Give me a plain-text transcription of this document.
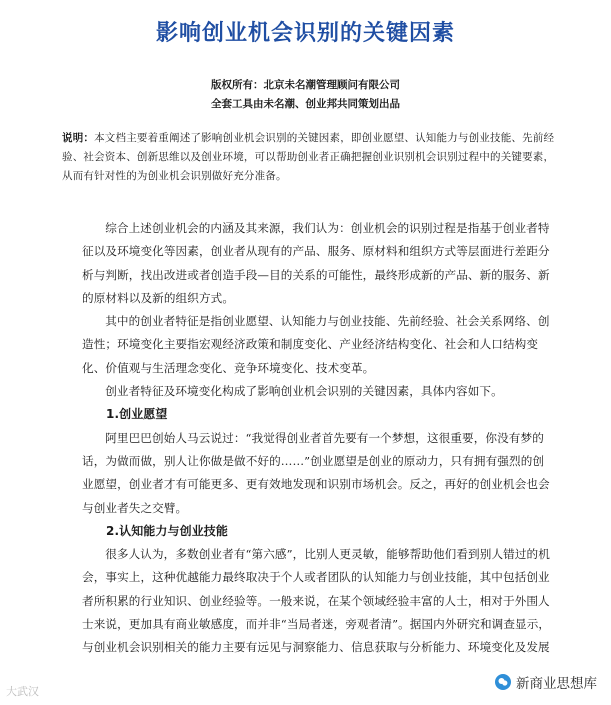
影响创业机会识别的关键因素
版权所有：北京未名潮管理顾问有限公司
全套工具由未名潮、创业邦共同策划出品
说明：本文档主要着重阐述了影响创业机会识别的关键因素，即创业愿望、认知能力与创业技能、先前经验、社会资本、创新思维以及创业环境，可以帮助创业者正确把握创业识别机会识别过程中的关键要素，从而有针对性的为创业机会识别做好充分准备。

综合上述创业机会的内涵及其来源，我们认为：创业机会的识别过程是指基于创业者特征以及环境变化等因素，创业者从现有的产品、服务、原材料和组织方式等层面进行差距分析与判断，找出改进或者创造手段—目的关系的可能性，最终形成新的产品、新的服务、新的原材料以及新的组织方式。

其中的创业者特征是指创业愿望、认知能力与创业技能、先前经验、社会关系网络、创造性；环境变化主要指宏观经济政策和制度变化、产业经济结构变化、社会和人口结构变化、价值观与生活理念变化、竞争环境变化、技术变革。

创业者特征及环境变化构成了影响创业机会识别的关键因素，具体内容如下。

1.创业愿望

阿里巴巴创始人马云说过：“我觉得创业者首先要有一个梦想，这很重要，你没有梦的话，为做而做，别人让你做是做不好的……”创业愿望是创业的原动力，只有拥有强烈的创业愿望，创业者才有可能更多、更有效地发现和识别市场机会。反之，再好的创业机会也会与创业者失之交臂。

2.认知能力与创业技能

很多人认为，多数创业者有“第六感”，比别人更灵敏，能够帮助他们看到别人错过的机会，事实上，这种优越能力最终取决于个人或者团队的认知能力与创业技能，其中包括创业者所积累的行业知识、创业经验等。一般来说，在某个领域经验丰富的人士，相对于外围人士来说，更加具有商业敏感度，而并非“当局者迷，旁观者清”。据国内外研究和调查显示，与创业机会识别相关的能力主要有远见与洞察能力、信息获取与分析能力、环境变化及发展

大武汉	新商业思想库
